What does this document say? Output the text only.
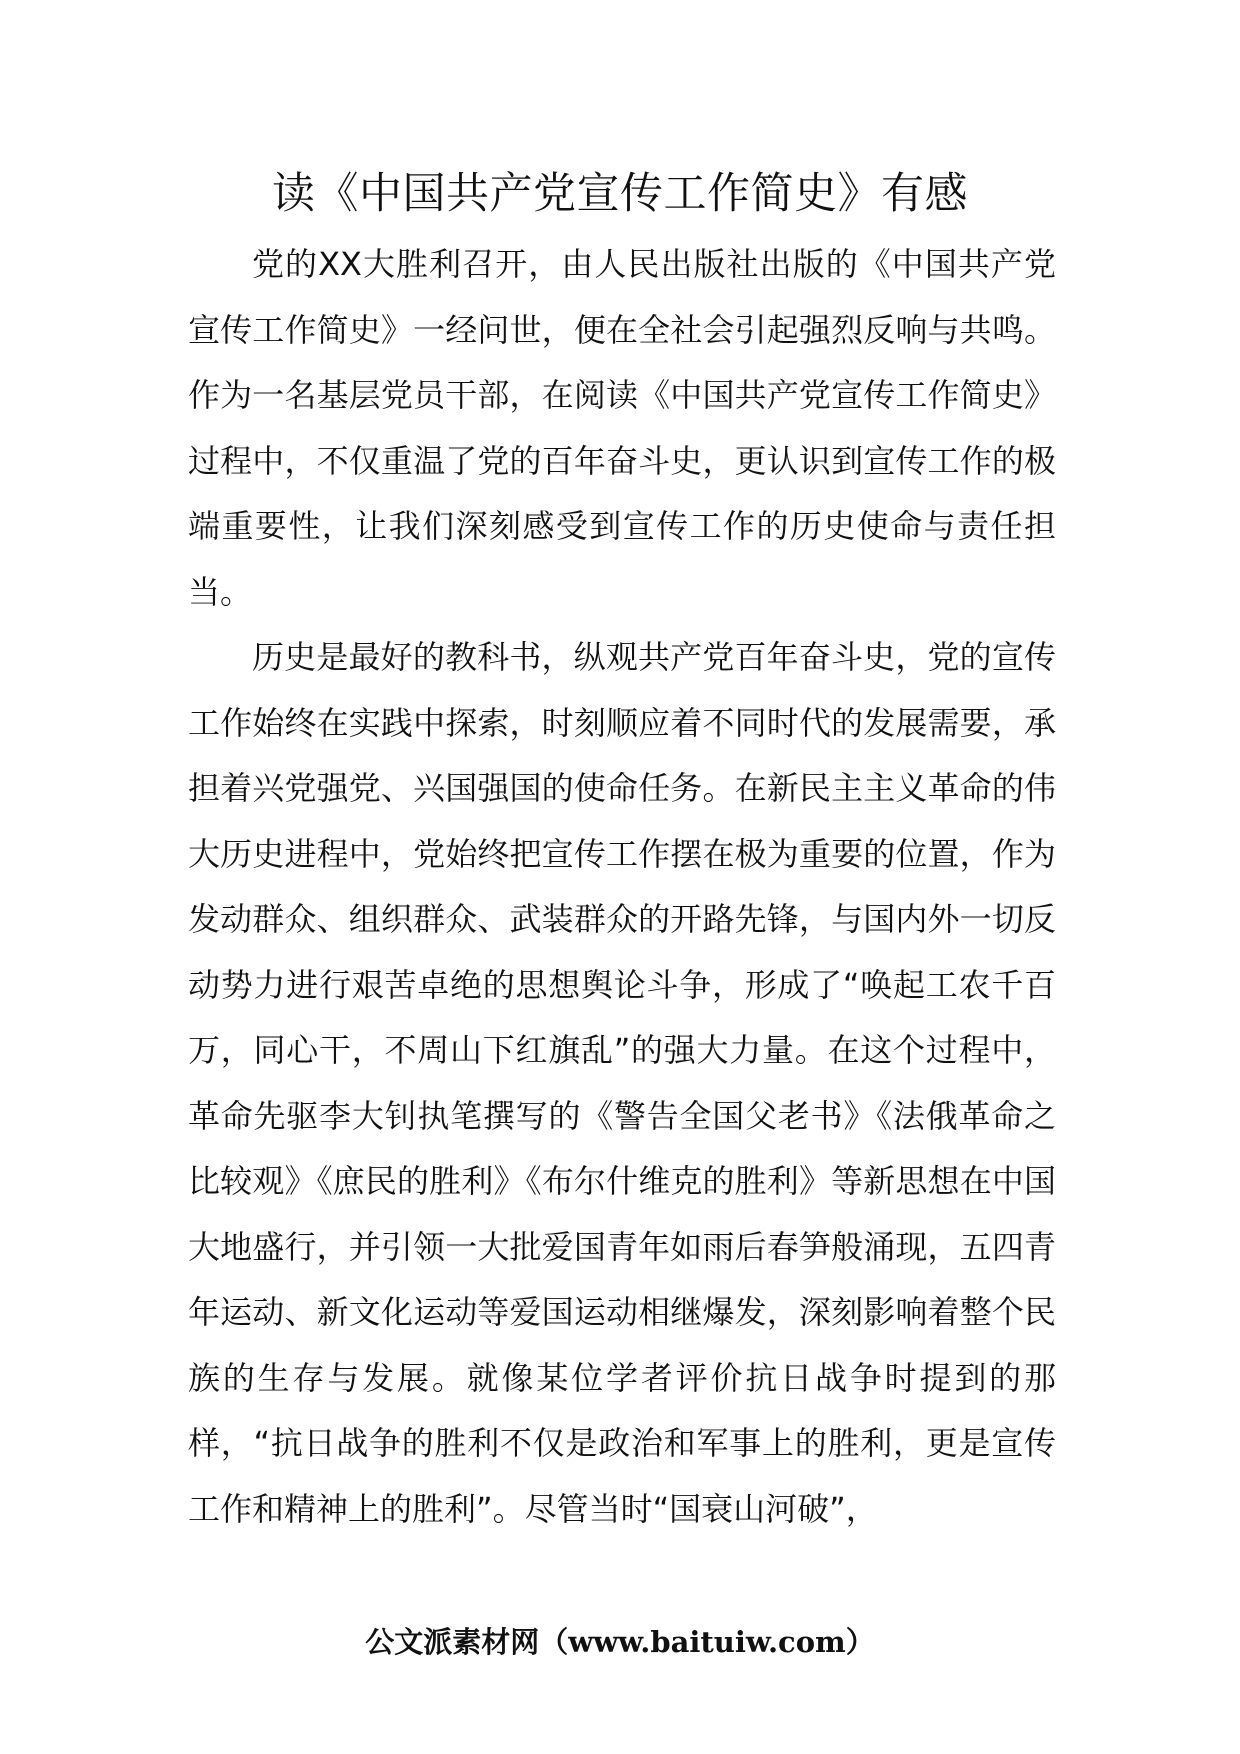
读《中国共产党宣传工作简史》有感

党的XX大胜利召开，由人民出版社出版的《中国共产党宣传工作简史》一经问世，便在全社会引起强烈反响与共鸣。作为一名基层党员干部，在阅读《中国共产党宣传工作简史》过程中，不仅重温了党的百年奋斗史，更认识到宣传工作的极端重要性，让我们深刻感受到宣传工作的历史使命与责任担当。

历史是最好的教科书，纵观共产党百年奋斗史，党的宣传工作始终在实践中探索，时刻顺应着不同时代的发展需要，承担着兴党强党、兴国强国的使命任务。在新民主主义革命的伟大历史进程中，党始终把宣传工作摆在极为重要的位置，作为发动群众、组织群众、武装群众的开路先锋，与国内外一切反动势力进行艰苦卓绝的思想舆论斗争，形成了“唤起工农千百万，同心干，不周山下红旗乱”的强大力量。在这个过程中，革命先驱李大钊执笔撰写的《警告全国父老书》《法俄革命之比较观》《庶民的胜利》《布尔什维克的胜利》等新思想在中国大地盛行，并引领一大批爱国青年如雨后春笋般涌现，五四青年运动、新文化运动等爱国运动相继爆发，深刻影响着整个民族的生存与发展。就像某位学者评价抗日战争时提到的那样，“抗日战争的胜利不仅是政治和军事上的胜利，更是宣传工作和精神上的胜利”。尽管当时“国衰山河破”，

公文派素材网（www.baituiw.com）
